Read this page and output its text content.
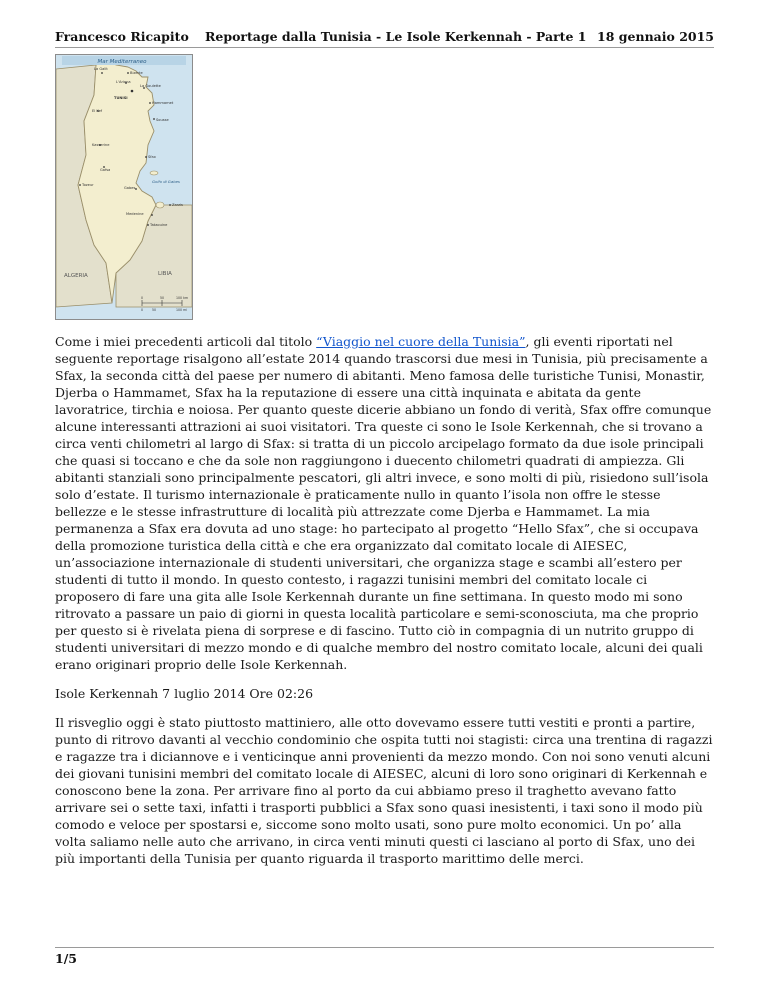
Francesco Ricapito Reportage dalla Tunisia - Le Isole Kerkennah - Parte 1 18 gennaio 2015
Mar Mediterraneo
Golfo di Gabes
ALGERIA	LIBIA
La Galit
Bizerte
L'Ariana
La Goulette
TUNISI
Hammamet
El Kef
Sousse
Kasserine
Sfax
Gafsa
Tozeur
Gabes
Zarzis
Medenine
Tataouine
0	50	100 km
0	50	100 mi

Come i miei precedenti articoli dal titolo “Viaggio nel cuore della Tunisia”, gli eventi riportati nel seguente reportage risalgono all’estate 2014 quando trascorsi due mesi in Tunisia, più precisamente a Sfax, la seconda città del paese per numero di abitanti. Meno famosa delle turistiche Tunisi, Monastir, Djerba o Hammamet, Sfax ha la reputazione di essere una città inquinata e abitata da gente lavoratrice, tirchia e noiosa. Per quanto queste dicerie abbiano un fondo di verità, Sfax offre comunque alcune interessanti attrazioni ai suoi visitatori. Tra queste ci sono le Isole Kerkennah, che si trovano a circa venti chilometri al largo di Sfax: si tratta di un piccolo arcipelago formato da due isole principali che quasi si toccano e che da sole non raggiungono i duecento chilometri quadrati di ampiezza. Gli abitanti stanziali sono principalmente pescatori, gli altri invece, e sono molti di più, risiedono sull’isola solo d’estate. Il turismo internazionale è praticamente nullo in quanto l’isola non offre le stesse bellezze e le stesse infrastrutture di località più attrezzate come Djerba e Hammamet. La mia permanenza a Sfax era dovuta ad uno stage: ho partecipato al progetto “Hello Sfax”, che si occupava della promozione turistica della città e che era organizzato dal comitato locale di AIESEC, un’associazione internazionale di studenti universitari, che organizza stage e scambi all’estero per studenti di tutto il mondo. In questo contesto, i ragazzi tunisini membri del comitato locale ci proposero di fare una gita alle Isole Kerkennah durante un fine settimana. In questo modo mi sono ritrovato a passare un paio di giorni in questa località particolare e semi-sconosciuta, ma che proprio per questo si è rivelata piena di sorprese e di fascino. Tutto ciò in compagnia di un nutrito gruppo di studenti universitari di mezzo mondo e di qualche membro del nostro comitato locale, alcuni dei quali erano originari proprio delle Isole Kerkennah.

Isole Kerkennah 7 luglio 2014 Ore 02:26

Il risveglio oggi è stato piuttosto mattiniero, alle otto dovevamo essere tutti vestiti e pronti a partire, punto di ritrovo davanti al vecchio condominio che ospita tutti noi stagisti: circa una trentina di ragazzi e ragazze tra i diciannove e i venticinque anni provenienti da mezzo mondo. Con noi sono venuti alcuni dei giovani tunisini membri del comitato locale di AIESEC, alcuni di loro sono originari di Kerkennah e conoscono bene la zona. Per arrivare fino al porto da cui abbiamo preso il traghetto avevano fatto arrivare sei o sette taxi, infatti i trasporti pubblici a Sfax sono quasi inesistenti, i taxi sono il modo più comodo e veloce per spostarsi e, siccome sono molto usati, sono pure molto economici. Un po’ alla volta saliamo nelle auto che arrivano, in circa venti minuti questi ci lasciano al porto di Sfax, uno dei più importanti della Tunisia per quanto riguarda il trasporto marittimo delle merci.

1/5
